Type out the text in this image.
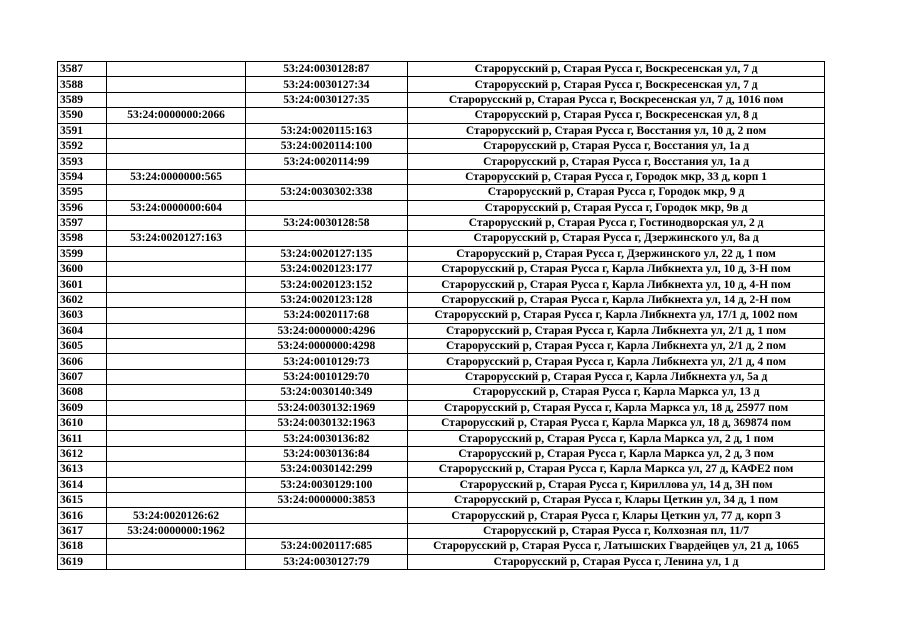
3587		53:24:0030128:87	Старорусский р, Старая Русса г, Воскресенская ул, 7 д
3588		53:24:0030127:34	Старорусский р, Старая Русса г, Воскресенская ул, 7 д
3589		53:24:0030127:35	Старорусский р, Старая Русса г, Воскресенская ул, 7 д, 1016 пом
3590	53:24:0000000:2066		Старорусский р, Старая Русса г, Воскресенская ул, 8 д
3591		53:24:0020115:163	Старорусский р, Старая Русса г, Восстания ул, 10 д, 2 пом
3592		53:24:0020114:100	Старорусский р, Старая Русса г, Восстания ул, 1а д
3593		53:24:0020114:99	Старорусский р, Старая Русса г, Восстания ул, 1а д
3594	53:24:0000000:565		Старорусский р, Старая Русса г, Городок мкр, 33 д, корп 1
3595		53:24:0030302:338	Старорусский р, Старая Русса г, Городок мкр, 9 д
3596	53:24:0000000:604		Старорусский р, Старая Русса г, Городок мкр, 9в д
3597		53:24:0030128:58	Старорусский р, Старая Русса г, Гостинодворская ул, 2 д
3598	53:24:0020127:163		Старорусский р, Старая Русса г, Дзержинского ул, 8а д
3599		53:24:0020127:135	Старорусский р, Старая Русса г, Дзержинского ул, 22 д, 1 пом
3600		53:24:0020123:177	Старорусский р, Старая Русса г, Карла Либкнехта ул, 10 д, 3-Н пом
3601		53:24:0020123:152	Старорусский р, Старая Русса г, Карла Либкнехта ул, 10 д, 4-Н пом
3602		53:24:0020123:128	Старорусский р, Старая Русса г, Карла Либкнехта ул, 14 д, 2-Н пом
3603		53:24:0020117:68	Старорусский р, Старая Русса г, Карла Либкнехта ул, 17/1 д, 1002 пом
3604		53:24:0000000:4296	Старорусский р, Старая Русса г, Карла Либкнехта ул, 2/1 д, 1 пом
3605		53:24:0000000:4298	Старорусский р, Старая Русса г, Карла Либкнехта ул, 2/1 д, 2 пом
3606		53:24:0010129:73	Старорусский р, Старая Русса г, Карла Либкнехта ул, 2/1 д, 4 пом
3607		53:24:0010129:70	Старорусский р, Старая Русса г, Карла Либкнехта ул, 5а д
3608		53:24:0030140:349	Старорусский р, Старая Русса г, Карла Маркса ул, 13 д
3609		53:24:0030132:1969	Старорусский р, Старая Русса г, Карла Маркса ул, 18 д, 25977 пом
3610		53:24:0030132:1963	Старорусский р, Старая Русса г, Карла Маркса ул, 18 д, 369874 пом
3611		53:24:0030136:82	Старорусский р, Старая Русса г, Карла Маркса ул, 2 д, 1 пом
3612		53:24:0030136:84	Старорусский р, Старая Русса г, Карла Маркса ул, 2 д, 3 пом
3613		53:24:0030142:299	Старорусский р, Старая Русса г, Карла Маркса ул, 27 д, КАФЕ2 пом
3614		53:24:0030129:100	Старорусский р, Старая Русса г, Кириллова ул, 14 д, 3Н пом
3615		53:24:0000000:3853	Старорусский р, Старая Русса г, Клары Цеткин ул, 34 д, 1 пом
3616	53:24:0020126:62		Старорусский р, Старая Русса г, Клары Цеткин ул, 77 д, корп 3
3617	53:24:0000000:1962		Старорусский р, Старая Русса г, Колхозная пл, 11/7
3618		53:24:0020117:685	Старорусский р, Старая Русса г, Латышских Гвардейцев ул, 21 д, 1065
3619		53:24:0030127:79	Старорусский р, Старая Русса г, Ленина ул, 1 д
